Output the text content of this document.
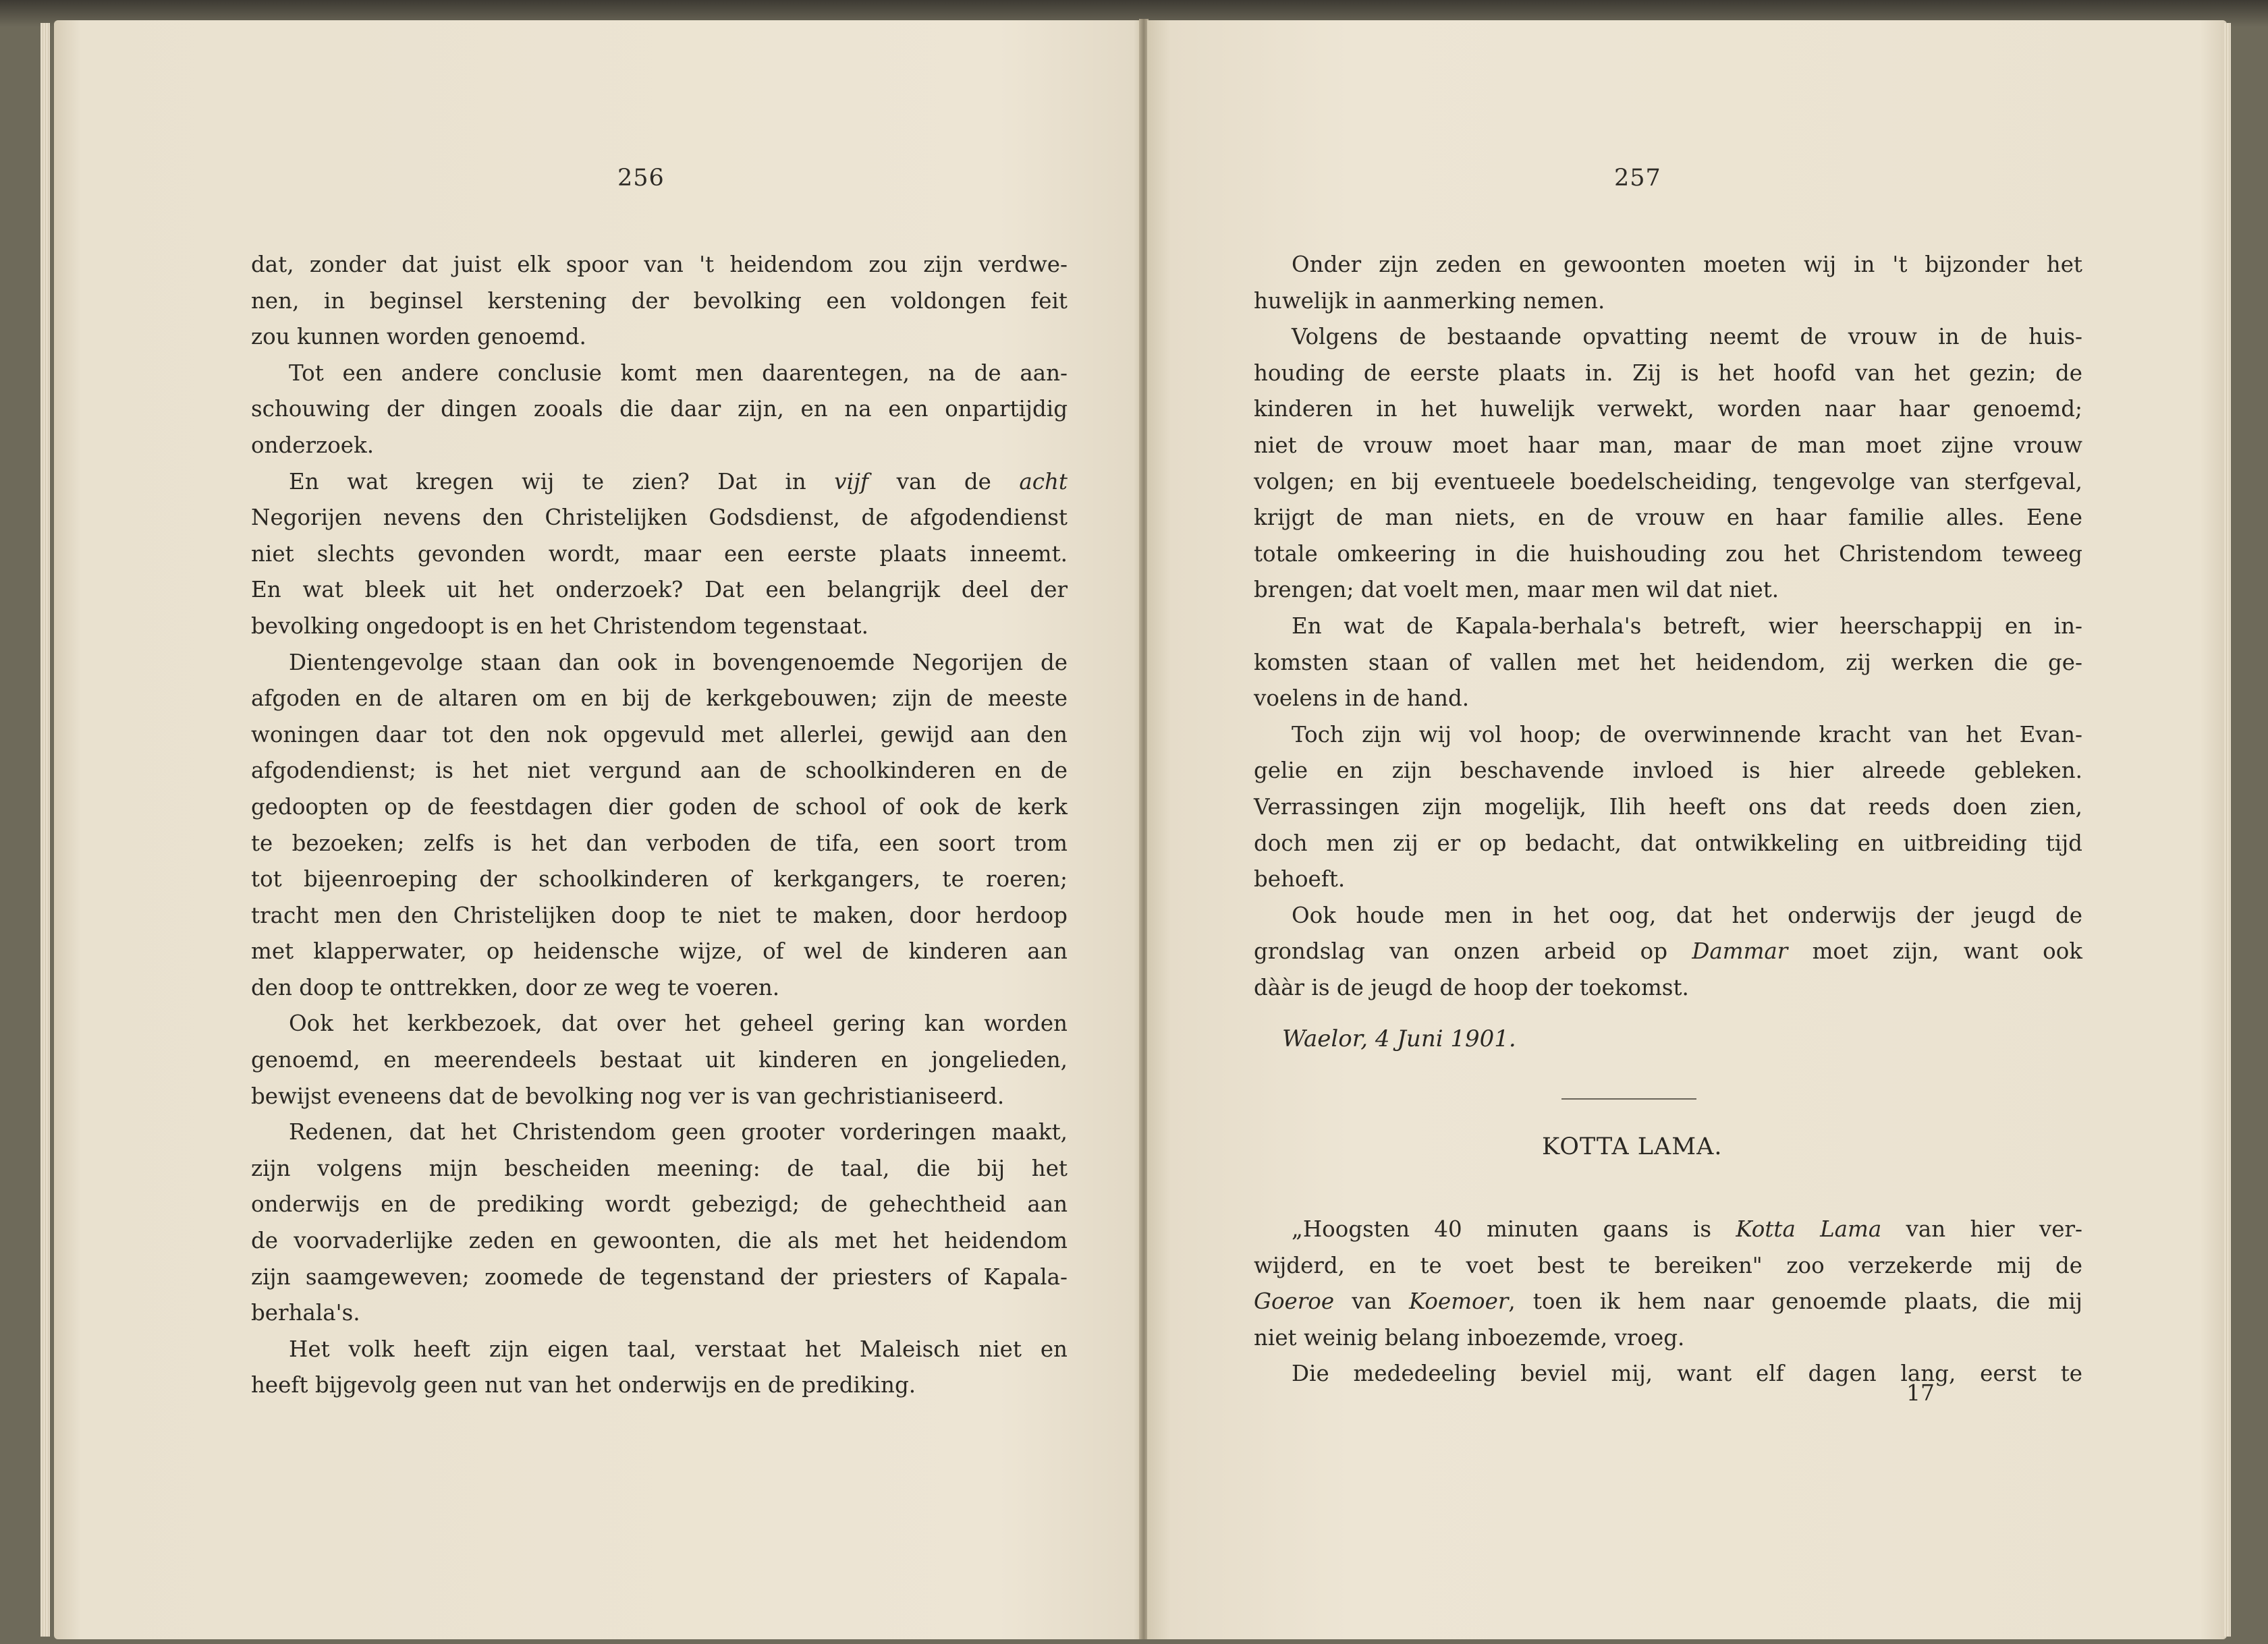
256
dat, zonder dat juist elk spoor van 't heidendom zou zijn verdwe-
nen, in beginsel kerstening der bevolking een voldongen feit
zou kunnen worden genoemd.
Tot een andere conclusie komt men daarentegen, na de aan-
schouwing der dingen zooals die daar zijn, en na een onpartijdig
onderzoek.
En wat kregen wij te zien? Dat in vijf van de acht
Negorijen nevens den Christelijken Godsdienst, de afgodendienst
niet slechts gevonden wordt, maar een eerste plaats inneemt.
En wat bleek uit het onderzoek? Dat een belangrijk deel der
bevolking ongedoopt is en het Christendom tegenstaat.
Dientengevolge staan dan ook in bovengenoemde Negorijen de
afgoden en de altaren om en bij de kerkgebouwen; zijn de meeste
woningen daar tot den nok opgevuld met allerlei, gewijd aan den
afgodendienst; is het niet vergund aan de schoolkinderen en de
gedoopten op de feestdagen dier goden de school of ook de kerk
te bezoeken; zelfs is het dan verboden de tifa, een soort trom
tot bijeenroeping der schoolkinderen of kerkgangers, te roeren;
tracht men den Christelijken doop te niet te maken, door herdoop
met klapperwater, op heidensche wijze, of wel de kinderen aan
den doop te onttrekken, door ze weg te voeren.
Ook het kerkbezoek, dat over het geheel gering kan worden
genoemd, en meerendeels bestaat uit kinderen en jongelieden,
bewijst eveneens dat de bevolking nog ver is van gechristianiseerd.
Redenen, dat het Christendom geen grooter vorderingen maakt,
zijn volgens mijn bescheiden meening: de taal, die bij het
onderwijs en de prediking wordt gebezigd; de gehechtheid aan
de voorvaderlijke zeden en gewoonten, die als met het heidendom
zijn saamgeweven; zoomede de tegenstand der priesters of Kapala-
berhala's.
Het volk heeft zijn eigen taal, verstaat het Maleisch niet en
heeft bijgevolg geen nut van het onderwijs en de prediking.
257
Onder zijn zeden en gewoonten moeten wij in 't bijzonder het
huwelijk in aanmerking nemen.
Volgens de bestaande opvatting neemt de vrouw in de huis-
houding de eerste plaats in. Zij is het hoofd van het gezin; de
kinderen in het huwelijk verwekt, worden naar haar genoemd;
niet de vrouw moet haar man, maar de man moet zijne vrouw
volgen; en bij eventueele boedelscheiding, tengevolge van sterfgeval,
krijgt de man niets, en de vrouw en haar familie alles. Eene
totale omkeering in die huishouding zou het Christendom teweeg
brengen; dat voelt men, maar men wil dat niet.
En wat de Kapala-berhala's betreft, wier heerschappij en in-
komsten staan of vallen met het heidendom, zij werken die ge-
voelens in de hand.
Toch zijn wij vol hoop; de overwinnende kracht van het Evan-
gelie en zijn beschavende invloed is hier alreede gebleken.
Verrassingen zijn mogelijk, Ilih heeft ons dat reeds doen zien,
doch men zij er op bedacht, dat ontwikkeling en uitbreiding tijd
behoeft.
Ook houde men in het oog, dat het onderwijs der jeugd de
grondslag van onzen arbeid op Dammar moet zijn, want ook
dààr is de jeugd de hoop der toekomst.
„Hoogsten 40 minuten gaans is Kotta Lama van hier ver-
wijderd, en te voet best te bereiken" zoo verzekerde mij de
Goeroe van Koemoer, toen ik hem naar genoemde plaats, die mij
niet weinig belang inboezemde, vroeg.
Die mededeeling beviel mij, want elf dagen lang, eerst te
Waelor, 4 Juni 1901.
KOTTA LAMA.
17
